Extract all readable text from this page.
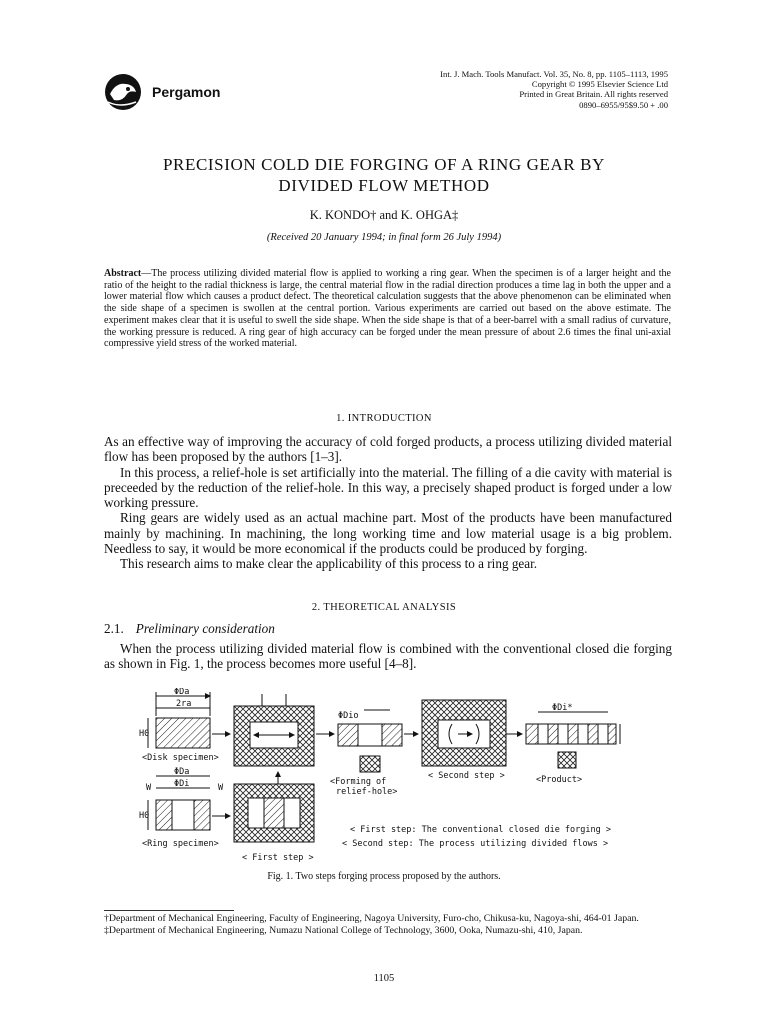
Pergamon
Int. J. Mach. Tools Manufact. Vol. 35, No. 8, pp. 1105–1113, 1995
Copyright © 1995 Elsevier Science Ltd
Printed in Great Britain. All rights reserved
0890–6955/95$9.50 + .00
PRECISION COLD DIE FORGING OF A RING GEAR BY
DIVIDED FLOW METHOD
K. KONDO† and K. OHGA‡
(Received 20 January 1994; in final form 26 July 1994)
Abstract—The process utilizing divided material flow is applied to working a ring gear. When the specimen is of a larger height and the ratio of the height to the radial thickness is large, the central material flow in the radial direction produces a time lag in both the upper and a lower material flow which causes a product defect. The theoretical calculation suggests that the above phenomenon can be eliminated when the side shape of a specimen is swollen at the central portion. Various experiments are carried out based on the above estimate. The experiment makes clear that it is useful to swell the side shape. When the side shape is that of a beer-barrel with a small radius of curvature, the working pressure is reduced. A ring gear of high accuracy can be forged under the mean pressure of about 2.6 times the final uni-axial compressive yield stress of the worked material.
1. INTRODUCTION

As an effective way of improving the accuracy of cold forged products, a process utilizing divided material flow has been proposed by the authors [1–3].

In this process, a relief-hole is set artificially into the material. The filling of a die cavity with material is preceeded by the reduction of the relief-hole. In this way, a precisely shaped product is forged under a low working pressure.

Ring gears are widely used as an actual machine part. Most of the products have been manufactured mainly by machining. In machining, the long working time and low material usage is a big problem. Needless to say, it would be more economical if the products could be produced by forging.

This research aims to make clear the applicability of this process to a ring gear.

2. THEORETICAL ANALYSIS
2.1. Preliminary consideration

When the process utilizing divided material flow is combined with the conventional closed die forging as shown in Fig. 1, the process becomes more useful [4–8].

ΦDa
2ra
H0
<Disk specimen>
ΦDa
ΦDi
W	W
H0
<Ring specimen>
< First step >
ΦDio
<Forming of
relief-hole>
< Second step >
ΦDi*
<Product>
< First step: The conventional closed die forging >
< Second step: The process utilizing divided flows >
Fig. 1. Two steps forging process proposed by the authors.

†Department of Mechanical Engineering, Faculty of Engineering, Nagoya University, Furo-cho, Chikusa-ku, Nagoya-shi, 464-01 Japan.

‡Department of Mechanical Engineering, Numazu National College of Technology, 3600, Ooka, Numazu-shi, 410, Japan.

1105
